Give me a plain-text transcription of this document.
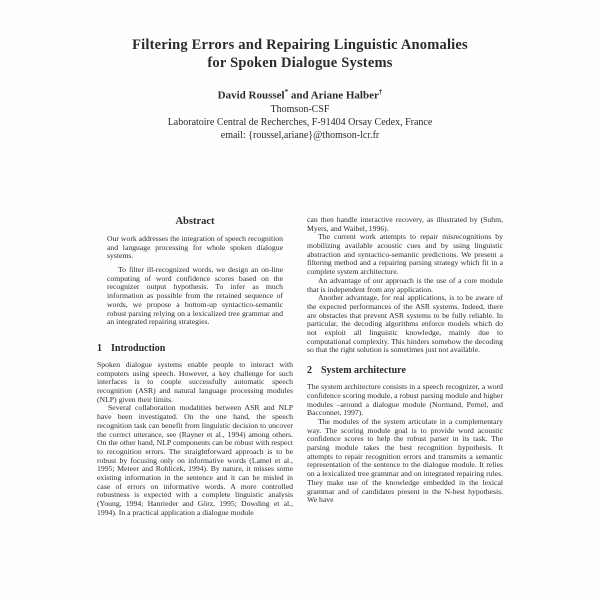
Filtering Errors and Repairing Linguistic Anomalies
for Spoken Dialogue Systems
David Roussel* and Ariane Halber†
Thomson-CSF
Laboratoire Central de Recherches, F-91404 Orsay Cedex, France
email: {roussel,ariane}@thomson-lcr.fr
Abstract

Our work addresses the integration of speech recognition and language processing for whole spoken dialogue systems.

To filter ill-recognized words, we design an on-line computing of word confidence scores based on the recognizer output hypothesis. To infer as much information as possible from the retained sequence of words, we propose a bottom-up syntactico-semantic robust parsing relying on a lexicalized tree grammar and an integrated repairing strategies.

1 Introduction

Spoken dialogue systems enable people to interact with computers using speech. However, a key challenge for such interfaces is to couple successfully automatic speech recognition (ASR) and natural language processing modules (NLP) given their limits.

Several collaboration modalities between ASR and NLP have been investigated. On the one hand, the speech recognition task can benefit from linguistic decision to uncover the correct utterance, see (Rayner et al., 1994) among others. On the other hand, NLP components can be robust with respect to recognition errors. The straightforward approach is to be robust by focusing only on informative words (Lamel et al., 1995; Meteer and Rohlicek, 1994). By nature, it misses some existing information in the sentence and it can be misled in case of errors on informative words. A more controlled robustness is expected with a complete linguistic analysis (Young, 1994; Hanrieder and Görz, 1995; Dowding et al., 1994). In a practical application a dialogue module

can then handle interactive recovery, as illustrated by (Suhm, Myers, and Waibel, 1996).

The current work attempts to repair misrecognitions by mobilizing available acoustic cues and by using linguistic abstraction and syntactico-semantic predictions. We present a filtering method and a repairing parsing strategy which fit in a complete system architecture.

An advantage of our approach is the use of a core module that is independent from any application.

Another advantage, for real applications, is to be aware of the expected performances of the ASR systems. Indeed, there are obstacles that prevent ASR systems to be fully reliable. In particular, the decoding algorithms enforce models which do not exploit all linguistic knowledge, mainly due to computational complexity. This hinders somehow the decoding so that the right solution is sometimes just not available.

2 System architecture

The system architecture consists in a speech recognizer, a word confidence scoring module, a robust parsing module and higher modules –around a dialogue module (Normand, Pernel, and Bacconnet, 1997).

The modules of the system articulate in a complementary way. The scoring module goal is to provide word acoustic confidence scores to help the robust parser in its task. The parsing module takes the best recognition hypothesis. It attempts to repair recognition errors and transmits a semantic representation of the sentence to the dialogue module. It relies on a lexicalized tree grammar and on integrated repairing rules. They make use of the knowledge embedded in the lexical grammar and of candidates present in the N-best hypothesis. We have
